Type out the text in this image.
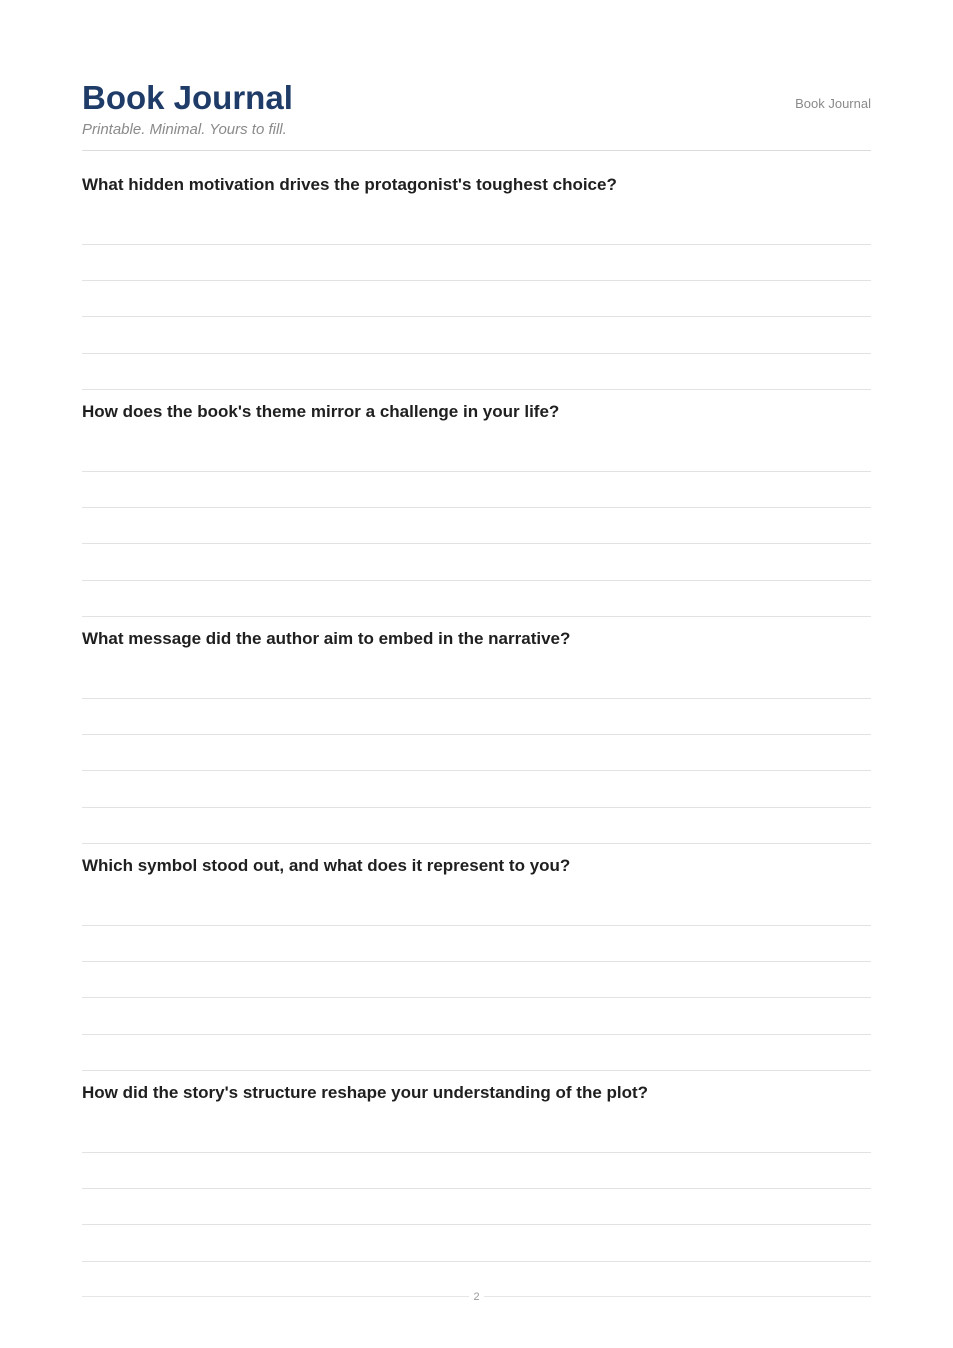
Book Journal
Printable. Minimal. Yours to fill.
Book Journal
What hidden motivation drives the protagonist's toughest choice?
How does the book's theme mirror a challenge in your life?
What message did the author aim to embed in the narrative?
Which symbol stood out, and what does it represent to you?
How did the story's structure reshape your understanding of the plot?
2
